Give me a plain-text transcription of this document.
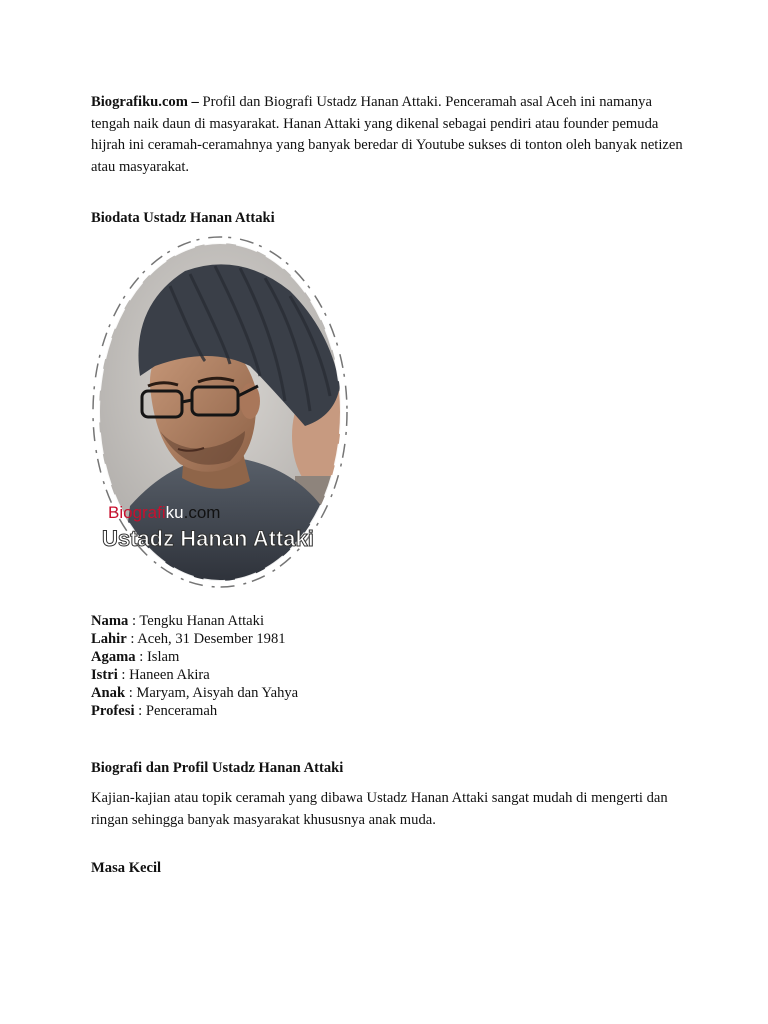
Biografiku.com – Profil dan Biografi Ustadz Hanan Attaki. Penceramah asal Aceh ini namanya tengah naik daun di masyarakat. Hanan Attaki yang dikenal sebagai pendiri atau founder pemuda hijrah ini ceramah-ceramahnya yang banyak beredar di Youtube sukses di tonton oleh banyak netizen atau masyarakat.

Biodata Ustadz Hanan Attaki

Biografiku.com
Ustadz Hanan Attaki
Nama : Tengku Hanan Attaki
Lahir : Aceh, 31 Desember 1981
Agama : Islam
Istri : Haneen Akira
Anak : Maryam, Aisyah dan Yahya
Profesi : Penceramah

Biografi dan Profil Ustadz Hanan Attaki

Kajian-kajian atau topik ceramah yang dibawa Ustadz Hanan Attaki sangat mudah di mengerti dan ringan sehingga banyak masyarakat khususnya anak muda.

Masa Kecil
